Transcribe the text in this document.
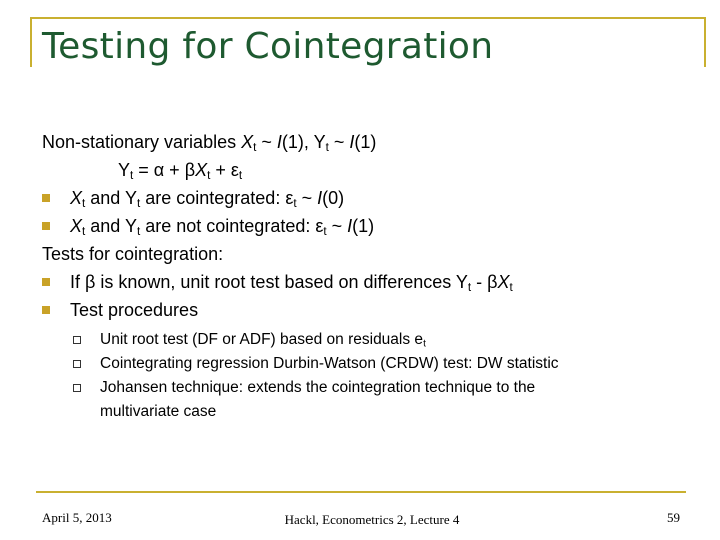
Testing for Cointegration
Non-stationary variables $X_t$ ~ I(1), $Y_t$ ~ I(1)
$Y_t = \alpha + \beta X_t + \varepsilon_t$
$X_t$ and $Y_t$ are cointegrated: $\varepsilon_t$ ~ I(0)
$X_t$ and $Y_t$ are not cointegrated: $\varepsilon_t$ ~ I(1)
Tests for cointegration:
If β is known, unit root test based on differences $Y_t - \beta X_t$
Test procedures
Unit root test (DF or ADF) based on residuals $e_t$
Cointegrating regression Durbin-Watson (CRDW) test: DW statistic
Johansen technique: extends the cointegration technique to the
multivariate case
April 5, 2013	Hackl, Econometrics 2, Lecture 4	59
